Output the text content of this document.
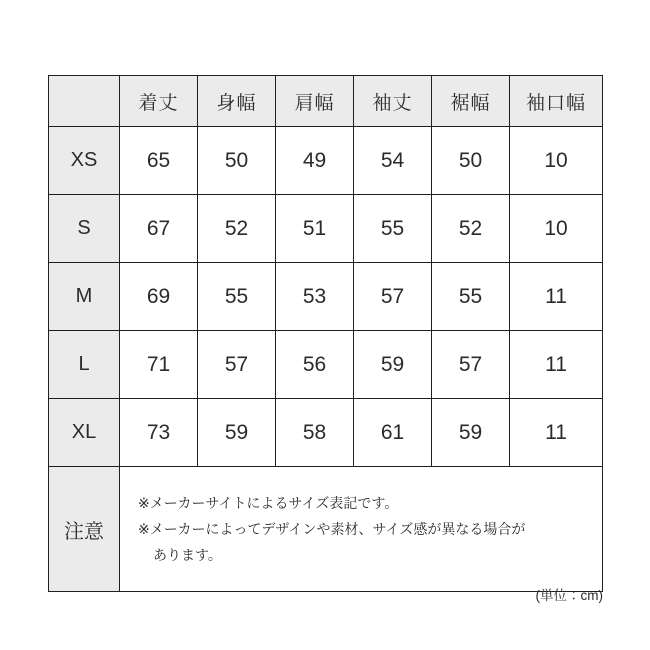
	着丈	身幅	肩幅	袖丈	裾幅	袖口幅
XS	65	50	49	54	50	10
S	67	52	51	55	52	10
M	69	55	53	57	55	11
L	71	57	56	59	57	11
XL	73	59	58	61	59	11
注意	※メーカーサイトによるサイズ表記です。
※メーカーによってデザインや素材、サイズ感が異なる場合が
あります。					
(単位：cm)
